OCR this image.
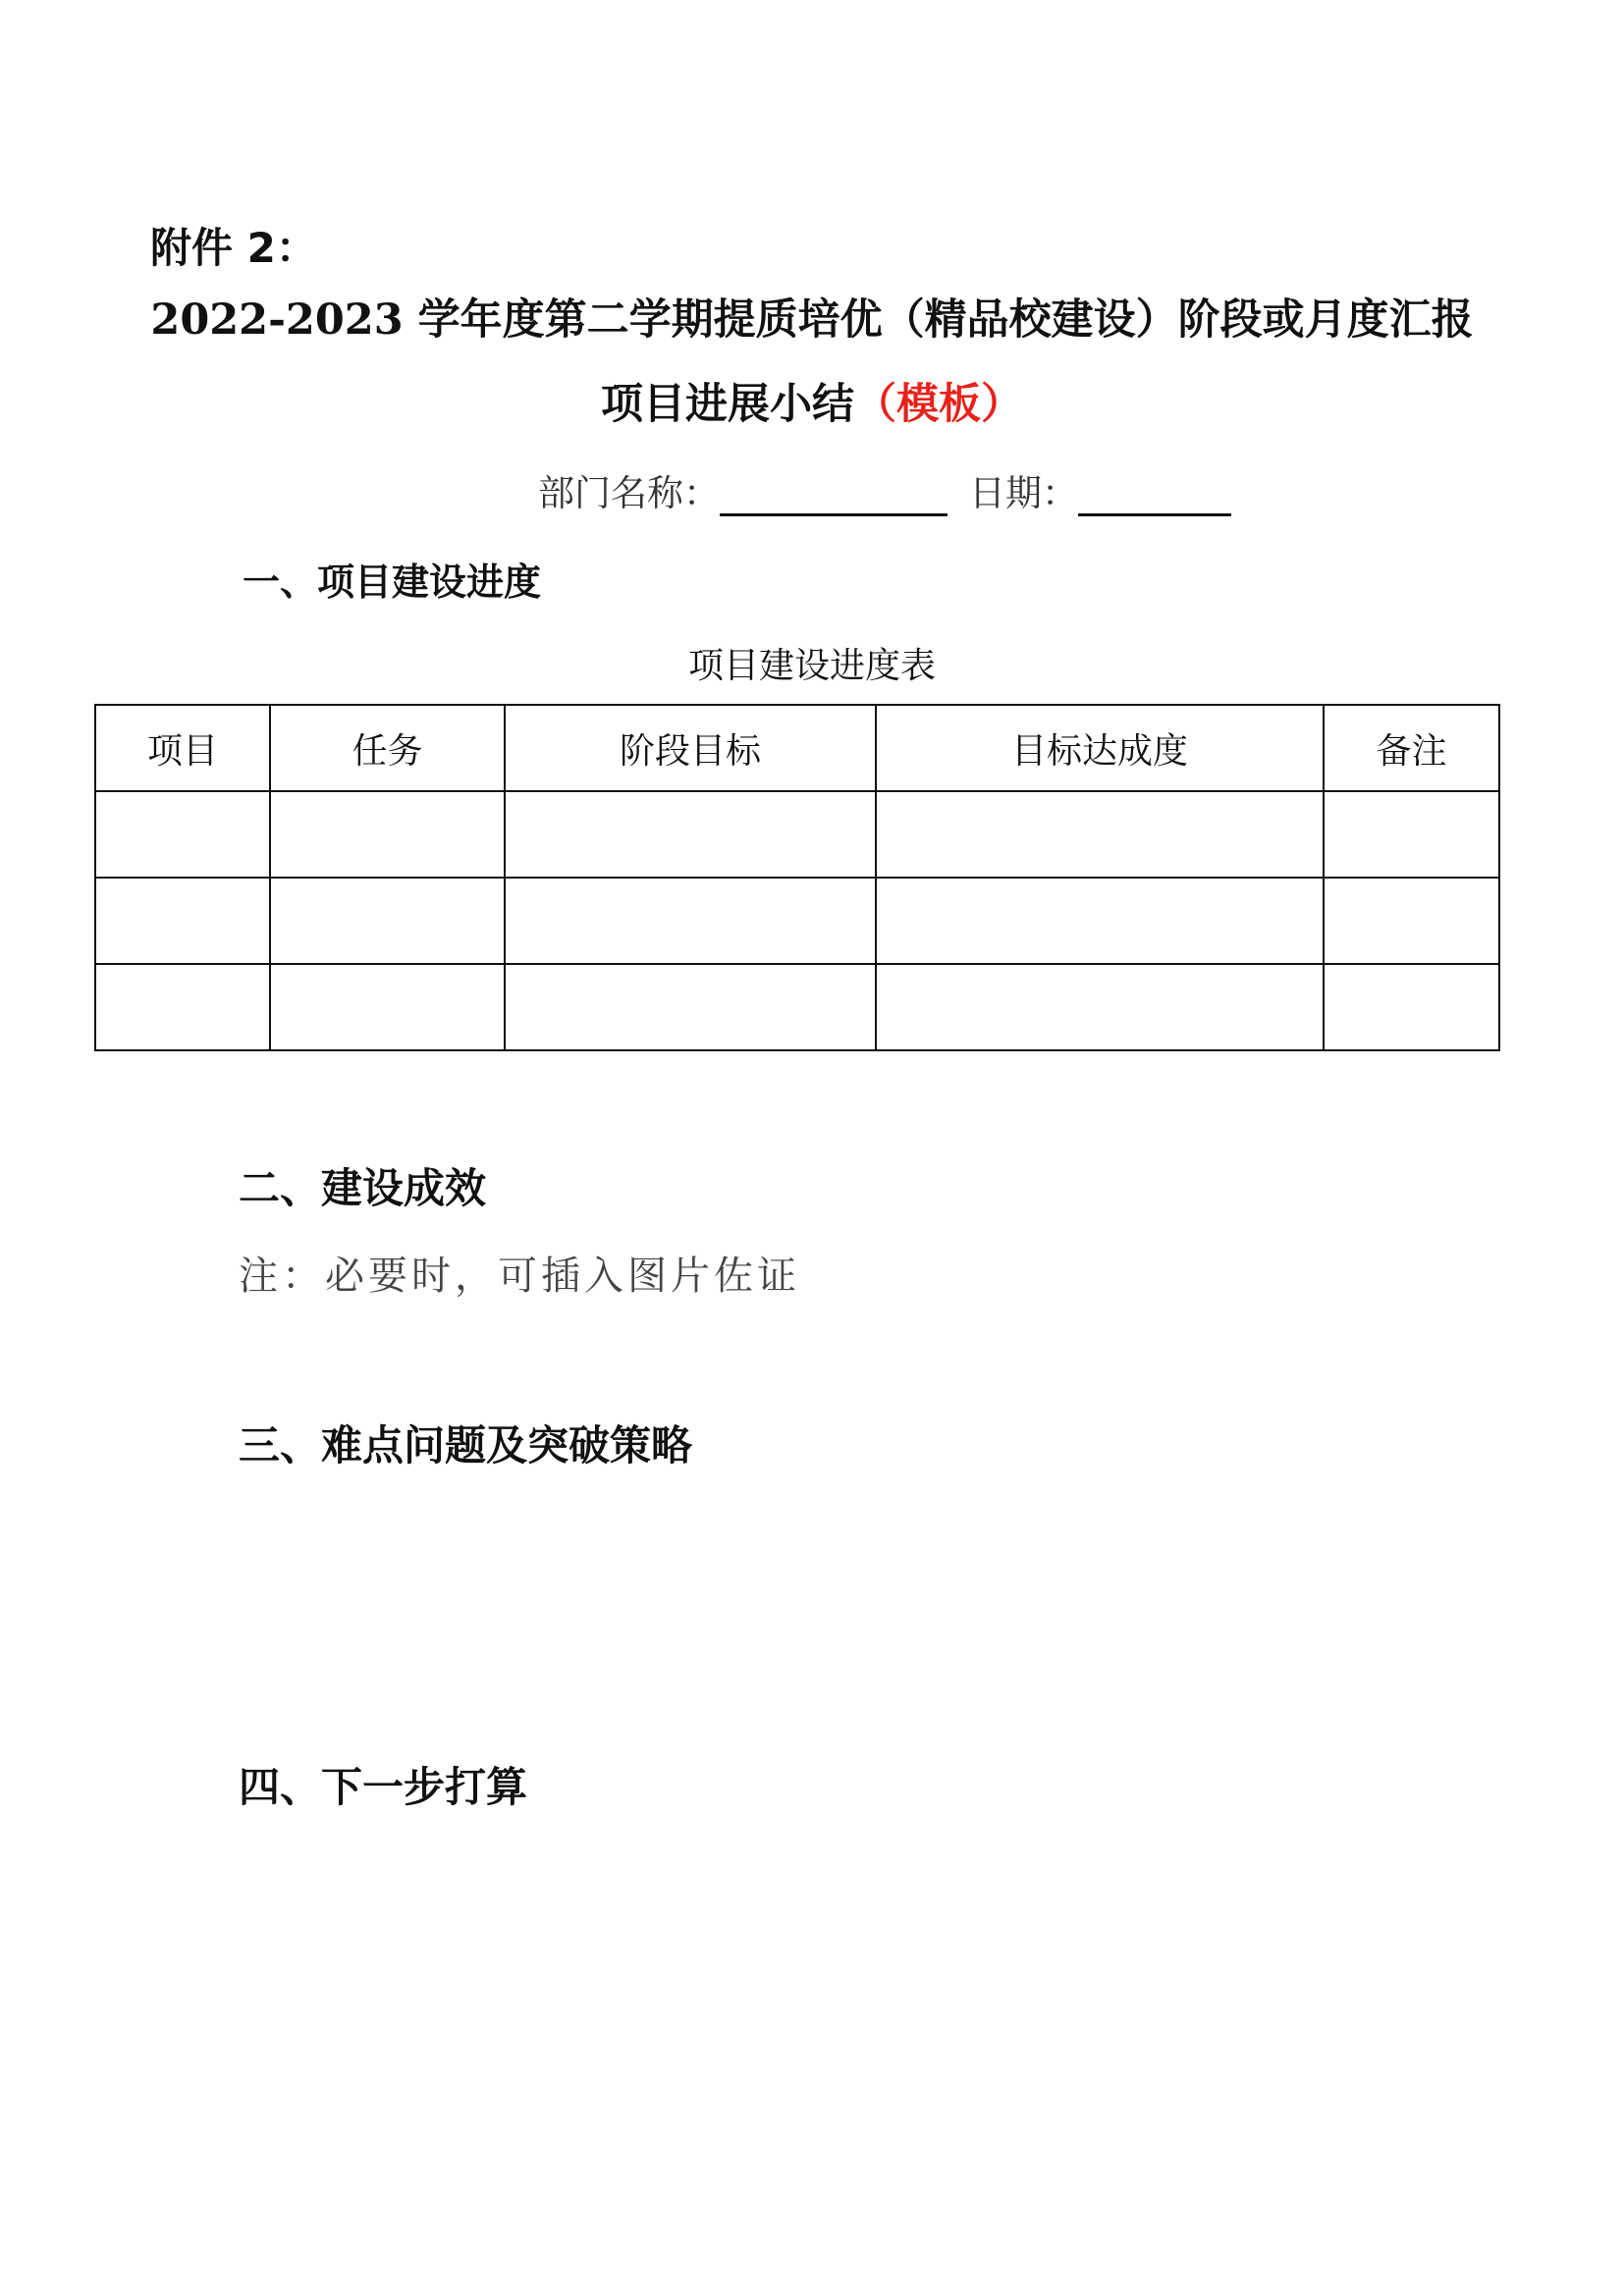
附件 2：
2022-2023 学年度第二学期提质培优（精品校建设）阶段或月度汇报
项目进展小结（模板）
部门名称：	日期：
一、项目建设进度
项目建设进度表
项目	任务	阶段目标	目标达成度	备注

二、建设成效
注：必要时，可插入图片佐证
三、难点问题及突破策略
四、下一步打算
